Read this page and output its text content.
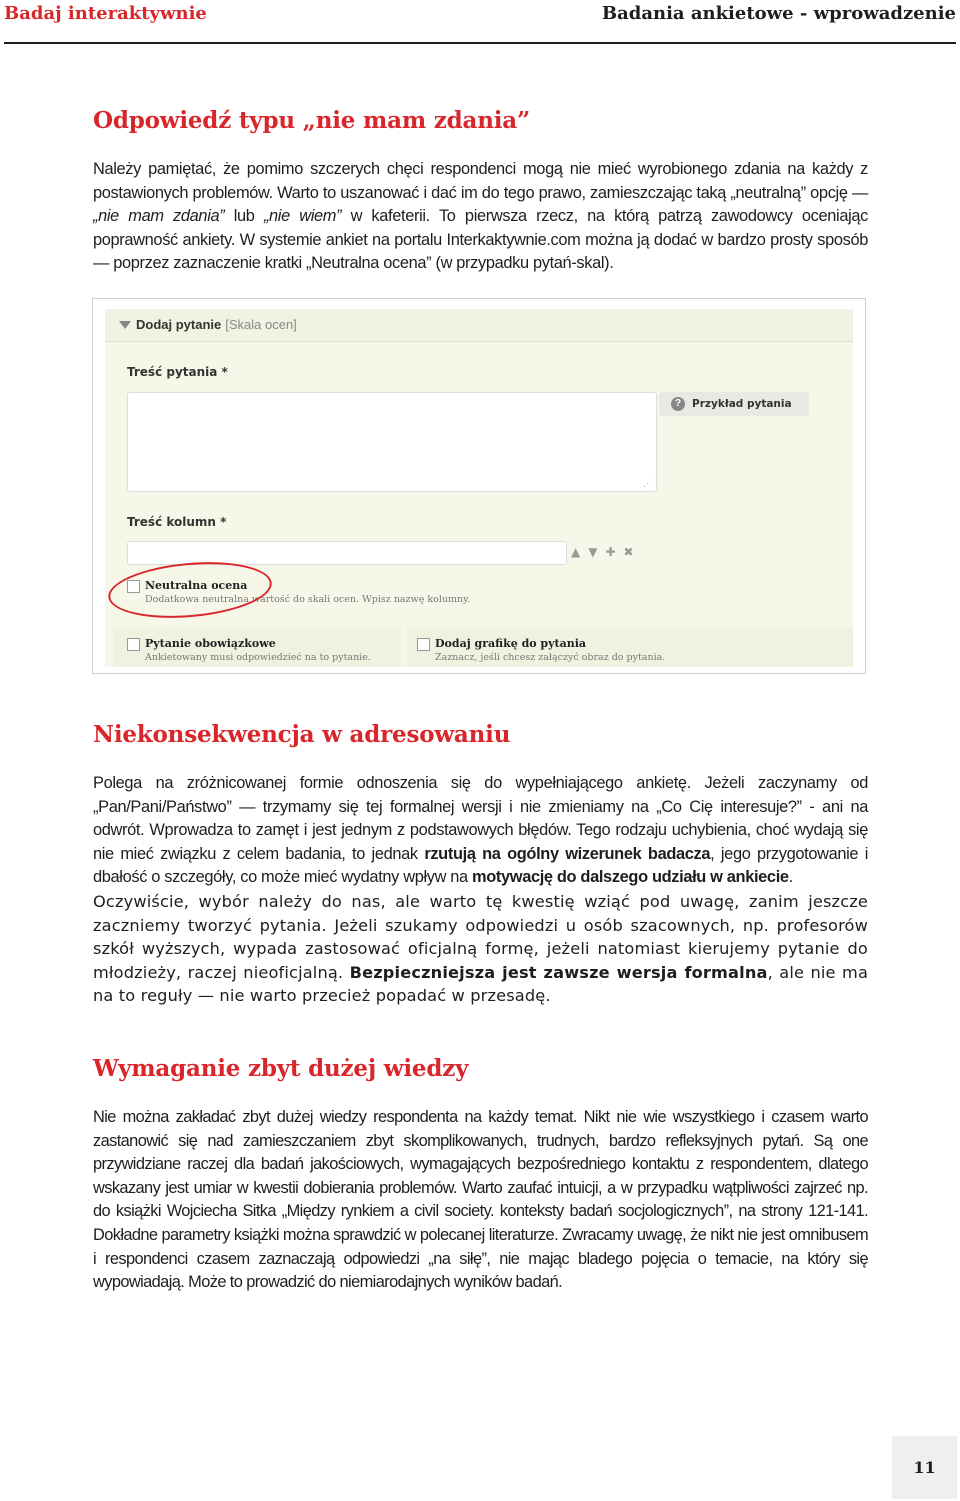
Badaj interaktywnie	Badania ankietowe - wprowadzenie
Odpowiedź typu „nie mam zdania”

Należy pamiętać, że pomimo szczerych chęci respondenci mogą nie mieć wyrobionego zdania na każdy z postawionych problemów. Warto to uszanować i dać im do tego prawo, zamieszczając taką „neutralną” opcję — „nie mam zdania” lub „nie wiem” w kafeterii. To pierwsza rzecz, na którą patrzą zawodowcy oceniając poprawność ankiety. W systemie ankiet na portalu Interkaktywnie.com można ją dodać w bardzo prosty sposób — poprzez zaznaczenie kratki „Neutralna ocena” (w przypadku pytań-skal).

Dodaj pytanie [Skala ocen]
Treść pytania *
⋰
?	Przykład pytania
Treść kolumn *
▲▼✚✖
Neutralna ocena
Dodatkowa neutralna wartość do skali ocen. Wpisz nazwę kolumny.
Pytanie obowiązkowe
Ankietowany musi odpowiedzieć na to pytanie.
Dodaj grafikę do pytania
Zaznacz, jeśli chcesz załączyć obraz do pytania.
Niekonsekwencja w adresowaniu

Polega na zróżnicowanej formie odnoszenia się do wypełniającego ankietę. Jeżeli zaczynamy od „Pan/Pani/Państwo” — trzymamy się tej formalnej wersji i nie zmieniamy na „Co Cię interesuje?” - ani na odwrót. Wprowadza to zamęt i jest jednym z podstawowych błędów. Tego rodzaju uchybienia, choć wydają się nie mieć związku z celem badania, to jednak rzutują na ogólny wizerunek badacza, jego przygotowanie i dbałość o szczegóły, co może mieć wydatny wpływ na motywację do dalszego udziału w ankiecie.

Oczywiście, wybór należy do nas, ale warto tę kwestię wziąć pod uwagę, zanim jeszcze zaczniemy tworzyć pytania. Jeżeli szukamy odpowiedzi u osób szacownych, np. profesorów szkół wyższych, wypada zastosować oficjalną formę, jeżeli natomiast kierujemy pytanie do młodzieży, raczej nieoficjalną. Bezpieczniejsza jest zawsze wersja formalna, ale nie ma na to reguły — nie warto przecież popadać w przesadę.

Wymaganie zbyt dużej wiedzy

Nie można zakładać zbyt dużej wiedzy respondenta na każdy temat. Nikt nie wie wszystkiego i czasem warto zastanowić się nad zamieszczaniem zbyt skomplikowanych, trudnych, bardzo refleksyjnych pytań. Są one przywidziane raczej dla badań jakościowych, wymagających bezpośredniego kontaktu z respondentem, dlatego wskazany jest umiar w kwestii dobierania problemów. Warto zaufać intuicji, a w przypadku wątpliwości zajrzeć np. do książki Wojciecha Sitka „Między rynkiem a civil society. konteksty badań socjologicznych”, na strony 121-141. Dokładne parametry książki można sprawdzić w polecanej literaturze. Zwracamy uwagę, że nikt nie jest omnibusem i respondenci czasem zaznaczają odpowiedzi „na siłę”, nie mając bladego pojęcia o temacie, na który się wypowiadają. Może to prowadzić do niemiarodajnych wyników badań.

11
